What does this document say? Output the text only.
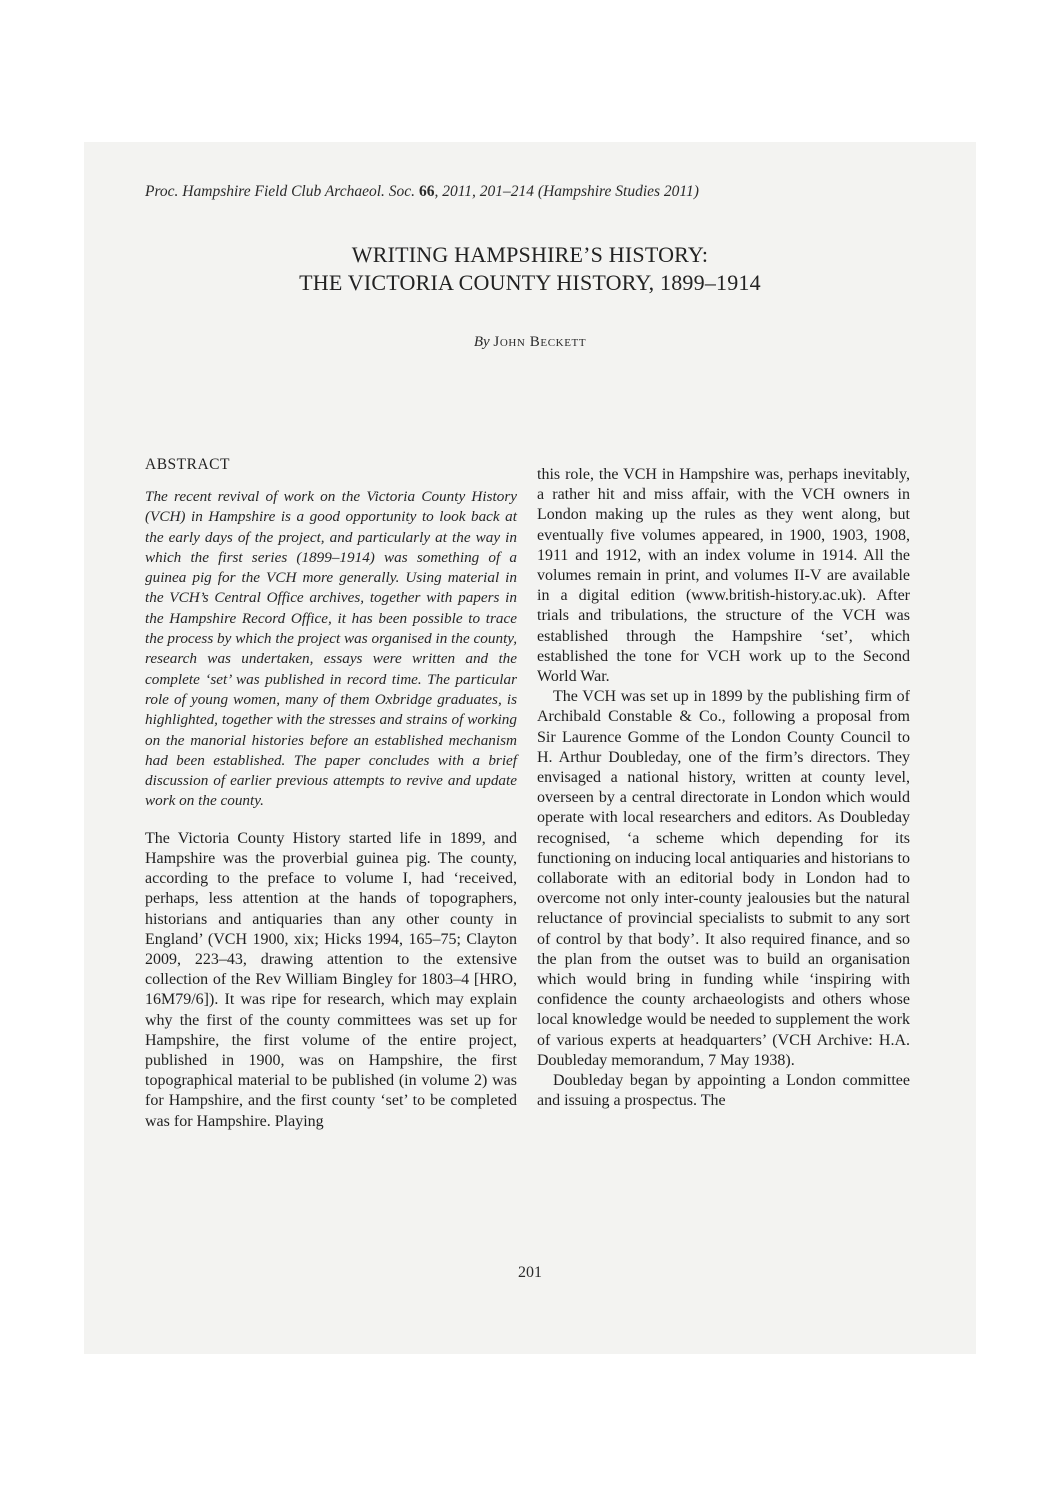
Proc. Hampshire Field Club Archaeol. Soc. 66, 2011, 201–214 (Hampshire Studies 2011)
WRITING HAMPSHIRE’S HISTORY:
THE VICTORIA COUNTY HISTORY, 1899–1914
By John Beckett
ABSTRACT

The recent revival of work on the Victoria County History (VCH) in Hampshire is a good opportunity to look back at the early days of the project, and particularly at the way in which the first series (1899–1914) was something of a guinea pig for the VCH more generally. Using material in the VCH’s Central Office archives, together with papers in the Hampshire Record Office, it has been possible to trace the process by which the project was organised in the county, research was undertaken, essays were written and the complete ‘set’ was published in record time. The particular role of young women, many of them Oxbridge graduates, is highlighted, together with the stresses and strains of working on the manorial histories before an established mechanism had been established. The paper concludes with a brief discussion of earlier previous attempts to revive and update work on the county.

The Victoria County History started life in 1899, and Hampshire was the proverbial guinea pig. The county, according to the preface to volume I, had ‘received, perhaps, less attention at the hands of topographers, historians and antiquaries than any other county in England’ (VCH 1900, xix; Hicks 1994, 165–75; Clayton 2009, 223–43, drawing attention to the extensive collection of the Rev William Bingley for 1803–4 [HRO, 16M79/6]). It was ripe for research, which may explain why the first of the county committees was set up for Hampshire, the first volume of the entire project, published in 1900, was on Hampshire, the first topographical material to be published (in volume 2) was for Hampshire, and the first county ‘set’ to be completed was for Hampshire. Playing

this role, the VCH in Hampshire was, perhaps inevitably, a rather hit and miss affair, with the VCH owners in London making up the rules as they went along, but eventually five volumes appeared, in 1900, 1903, 1908, 1911 and 1912, with an index volume in 1914. All the volumes remain in print, and volumes II-V are available in a digital edition (www.british-history.ac.uk). After trials and tribulations, the structure of the VCH was established through the Hampshire ‘set’, which established the tone for VCH work up to the Second World War.

The VCH was set up in 1899 by the publishing firm of Archibald Constable & Co., following a proposal from Sir Laurence Gomme of the London County Council to H. Arthur Doubleday, one of the firm’s directors. They envisaged a national history, written at county level, overseen by a central directorate in London which would operate with local researchers and editors. As Doubleday recognised, ‘a scheme which depending for its functioning on inducing local antiquaries and historians to collaborate with an editorial body in London had to overcome not only inter-county jealousies but the natural reluctance of provincial specialists to submit to any sort of control by that body’. It also required finance, and so the plan from the outset was to build an organisation which would bring in funding while ‘inspiring with confidence the county archaeologists and others whose local knowledge would be needed to supplement the work of various experts at headquarters’ (VCH Archive: H.A. Doubleday memorandum, 7 May 1938).

Doubleday began by appointing a London committee and issuing a prospectus. The

201
